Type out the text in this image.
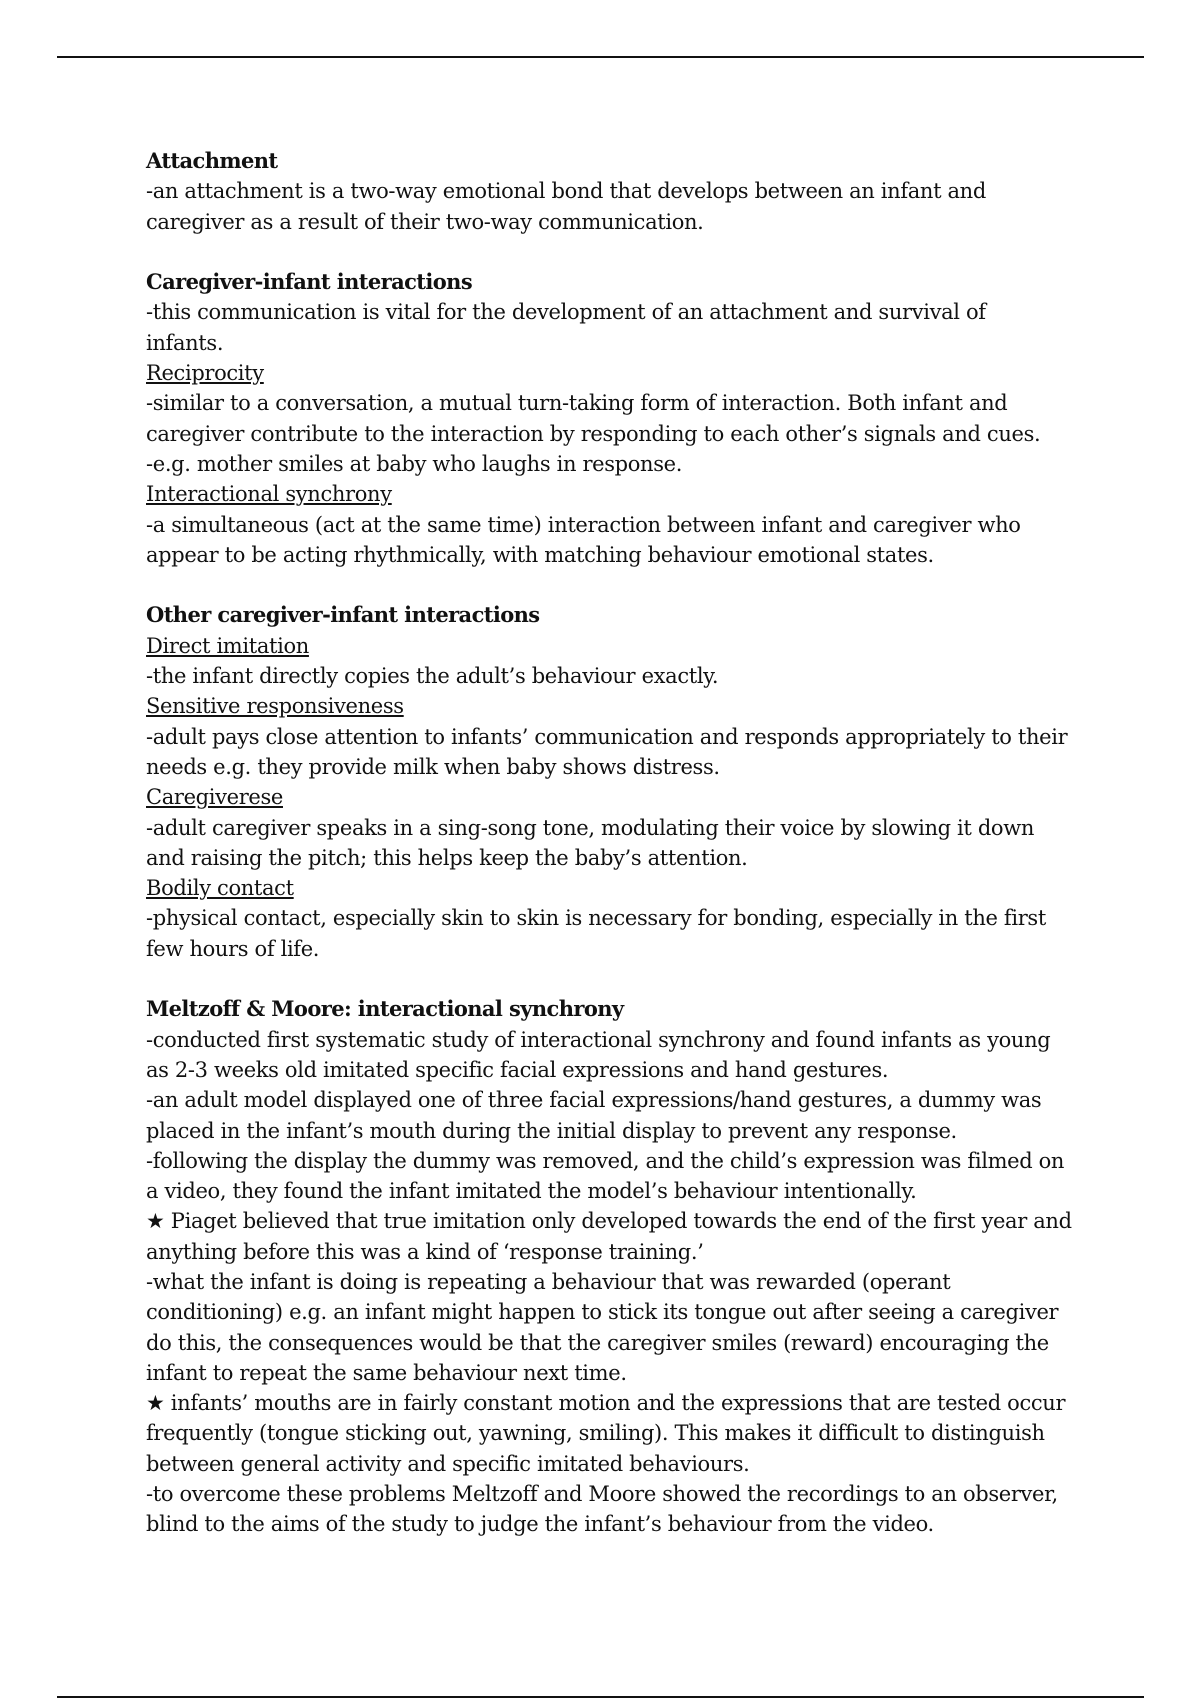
Attachment
-an attachment is a two-way emotional bond that develops between an infant and
caregiver as a result of their two-way communication.
Caregiver-infant interactions
-this communication is vital for the development of an attachment and survival of
infants.
Reciprocity
-similar to a conversation, a mutual turn-taking form of interaction. Both infant and
caregiver contribute to the interaction by responding to each other’s signals and cues.
-e.g. mother smiles at baby who laughs in response.
Interactional synchrony
-a simultaneous (act at the same time) interaction between infant and caregiver who
appear to be acting rhythmically, with matching behaviour emotional states.
Other caregiver-infant interactions
Direct imitation
-the infant directly copies the adult’s behaviour exactly.
Sensitive responsiveness
-adult pays close attention to infants’ communication and responds appropriately to their
needs e.g. they provide milk when baby shows distress.
Caregiverese
-adult caregiver speaks in a sing-song tone, modulating their voice by slowing it down
and raising the pitch; this helps keep the baby’s attention.
Bodily contact
-physical contact, especially skin to skin is necessary for bonding, especially in the first
few hours of life.
Meltzoff & Moore: interactional synchrony
-conducted first systematic study of interactional synchrony and found infants as young
as 2-3 weeks old imitated specific facial expressions and hand gestures.
-an adult model displayed one of three facial expressions/hand gestures, a dummy was
placed in the infant’s mouth during the initial display to prevent any response.
-following the display the dummy was removed, and the child’s expression was filmed on
a video, they found the infant imitated the model’s behaviour intentionally.
★ Piaget believed that true imitation only developed towards the end of the first year and
anything before this was a kind of ‘response training.’
-what the infant is doing is repeating a behaviour that was rewarded (operant
conditioning) e.g. an infant might happen to stick its tongue out after seeing a caregiver
do this, the consequences would be that the caregiver smiles (reward) encouraging the
infant to repeat the same behaviour next time.
★ infants’ mouths are in fairly constant motion and the expressions that are tested occur
frequently (tongue sticking out, yawning, smiling). This makes it difficult to distinguish
between general activity and specific imitated behaviours.
-to overcome these problems Meltzoff and Moore showed the recordings to an observer,
blind to the aims of the study to judge the infant’s behaviour from the video.
